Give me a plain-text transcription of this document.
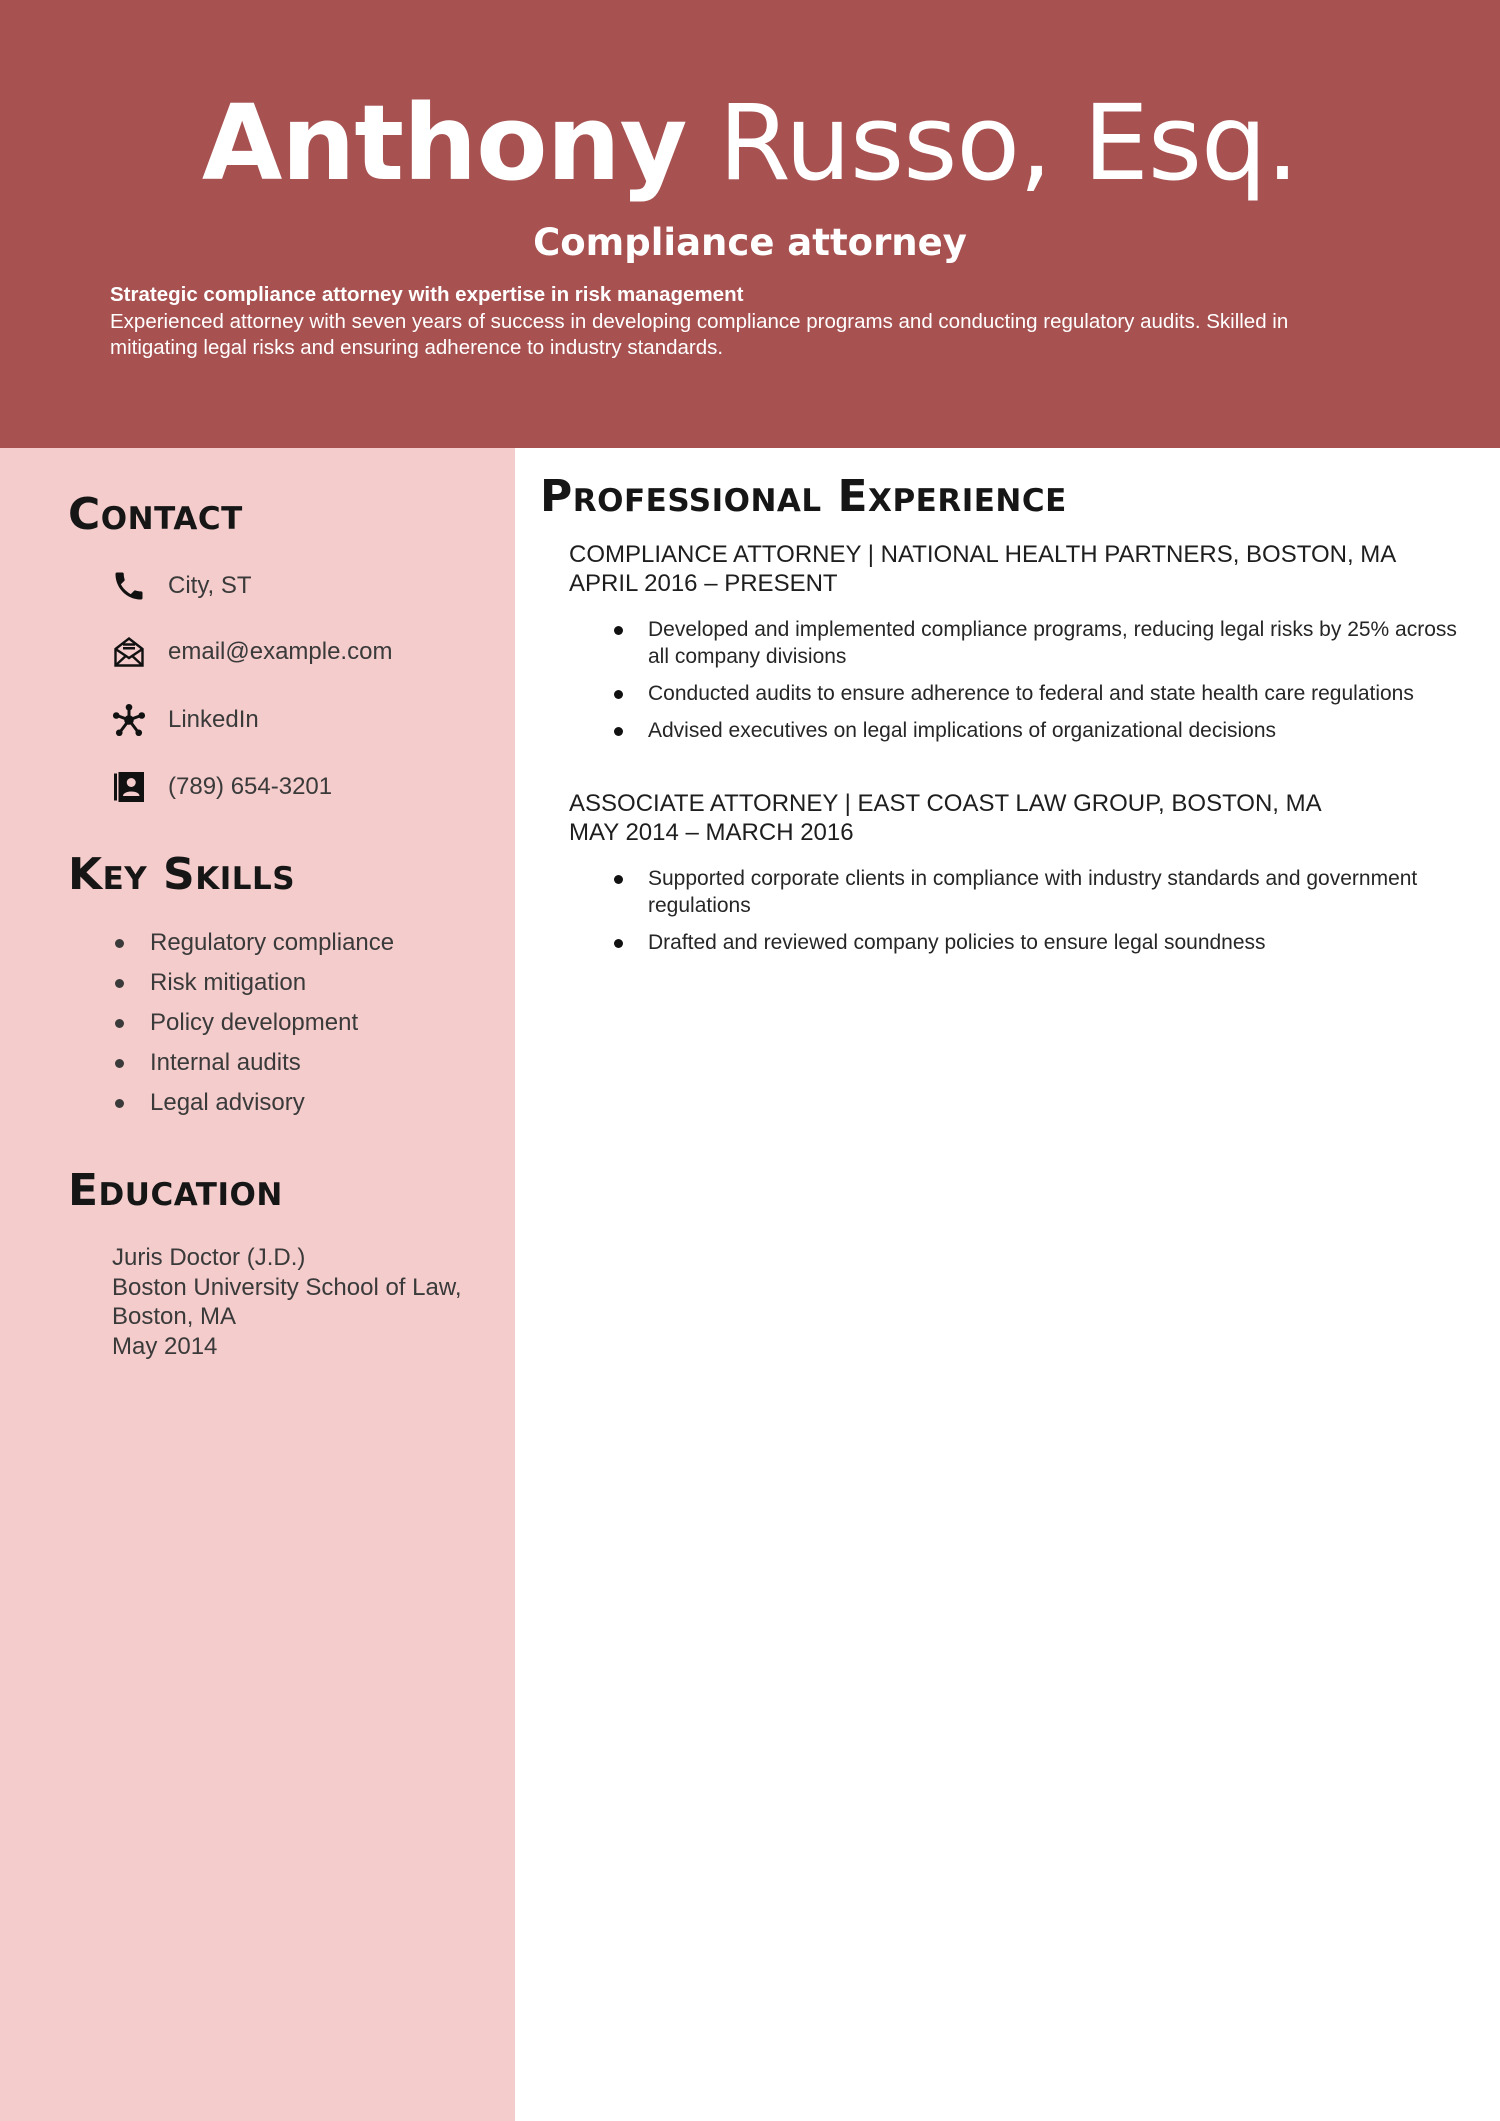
Anthony Russo, Esq.
Compliance attorney
Strategic compliance attorney with expertise in risk management
Experienced attorney with seven years of success in developing compliance programs and conducting regulatory audits. Skilled in mitigating legal risks and ensuring adherence to industry standards.
Contact
City, ST
email@example.com
LinkedIn
(789) 654-3201
Key Skills
Regulatory compliance
Risk mitigation
Policy development
Internal audits
Legal advisory
Education
Juris Doctor (J.D.)
Boston University School of Law,
Boston, MA
May 2014
Professional Experience
COMPLIANCE ATTORNEY | NATIONAL HEALTH PARTNERS, BOSTON, MA
APRIL 2016 – PRESENT
Developed and implemented compliance programs, reducing legal risks by 25% across all company divisions
Conducted audits to ensure adherence to federal and state health care regulations
Advised executives on legal implications of organizational decisions
ASSOCIATE ATTORNEY | EAST COAST LAW GROUP, BOSTON, MA
MAY 2014 – MARCH 2016
Supported corporate clients in compliance with industry standards and government regulations
Drafted and reviewed company policies to ensure legal soundness
